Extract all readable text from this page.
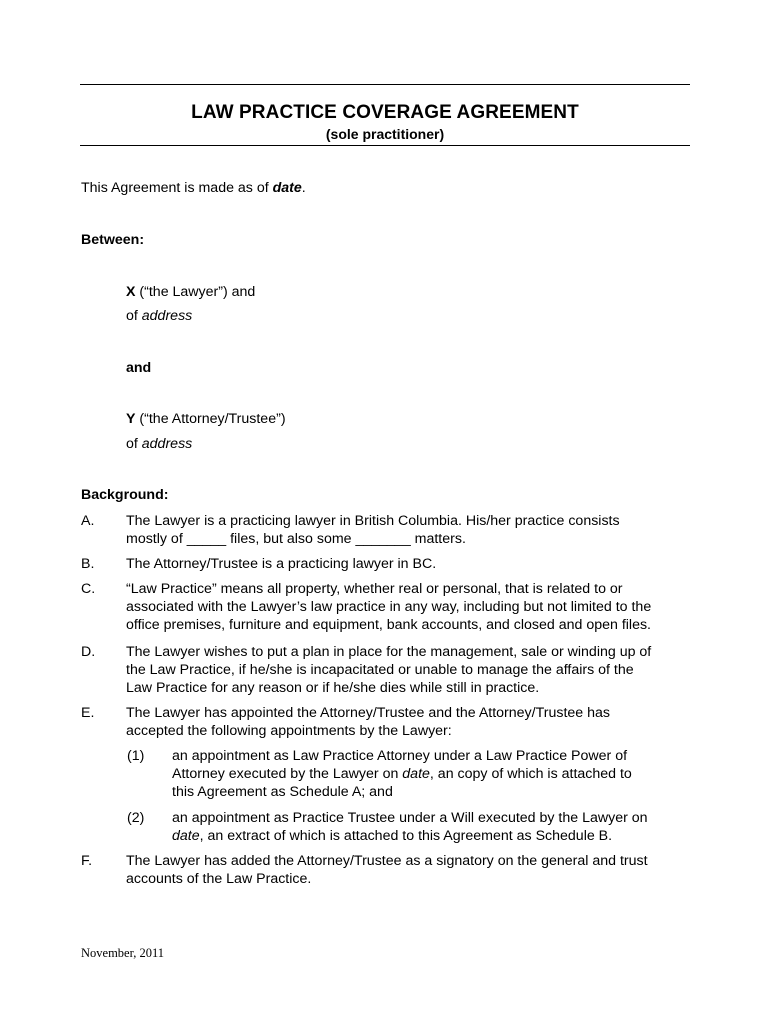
LAW PRACTICE COVERAGE AGREEMENT
(sole practitioner)
This Agreement is made as of date.
Between:
X (“the Lawyer”) and
of address
and
Y (“the Attorney/Trustee”)
of address
Background:
A. The Lawyer is a practicing lawyer in British Columbia. His/her practice consists
mostly of _____ files, but also some _______ matters.
B. The Attorney/Trustee is a practicing lawyer in BC.
C. “Law Practice” means all property, whether real or personal, that is related to or
associated with the Lawyer’s law practice in any way, including but not limited to the
office premises, furniture and equipment, bank accounts, and closed and open files.
D. The Lawyer wishes to put a plan in place for the management, sale or winding up of
the Law Practice, if he/she is incapacitated or unable to manage the affairs of the
Law Practice for any reason or if he/she dies while still in practice.
E. The Lawyer has appointed the Attorney/Trustee and the Attorney/Trustee has
accepted the following appointments by the Lawyer:
(1) an appointment as Law Practice Attorney under a Law Practice Power of
Attorney executed by the Lawyer on date, an copy of which is attached to
this Agreement as Schedule A; and
(2) an appointment as Practice Trustee under a Will executed by the Lawyer on
date, an extract of which is attached to this Agreement as Schedule B.
F. The Lawyer has added the Attorney/Trustee as a signatory on the general and trust
accounts of the Law Practice.
November, 2011
